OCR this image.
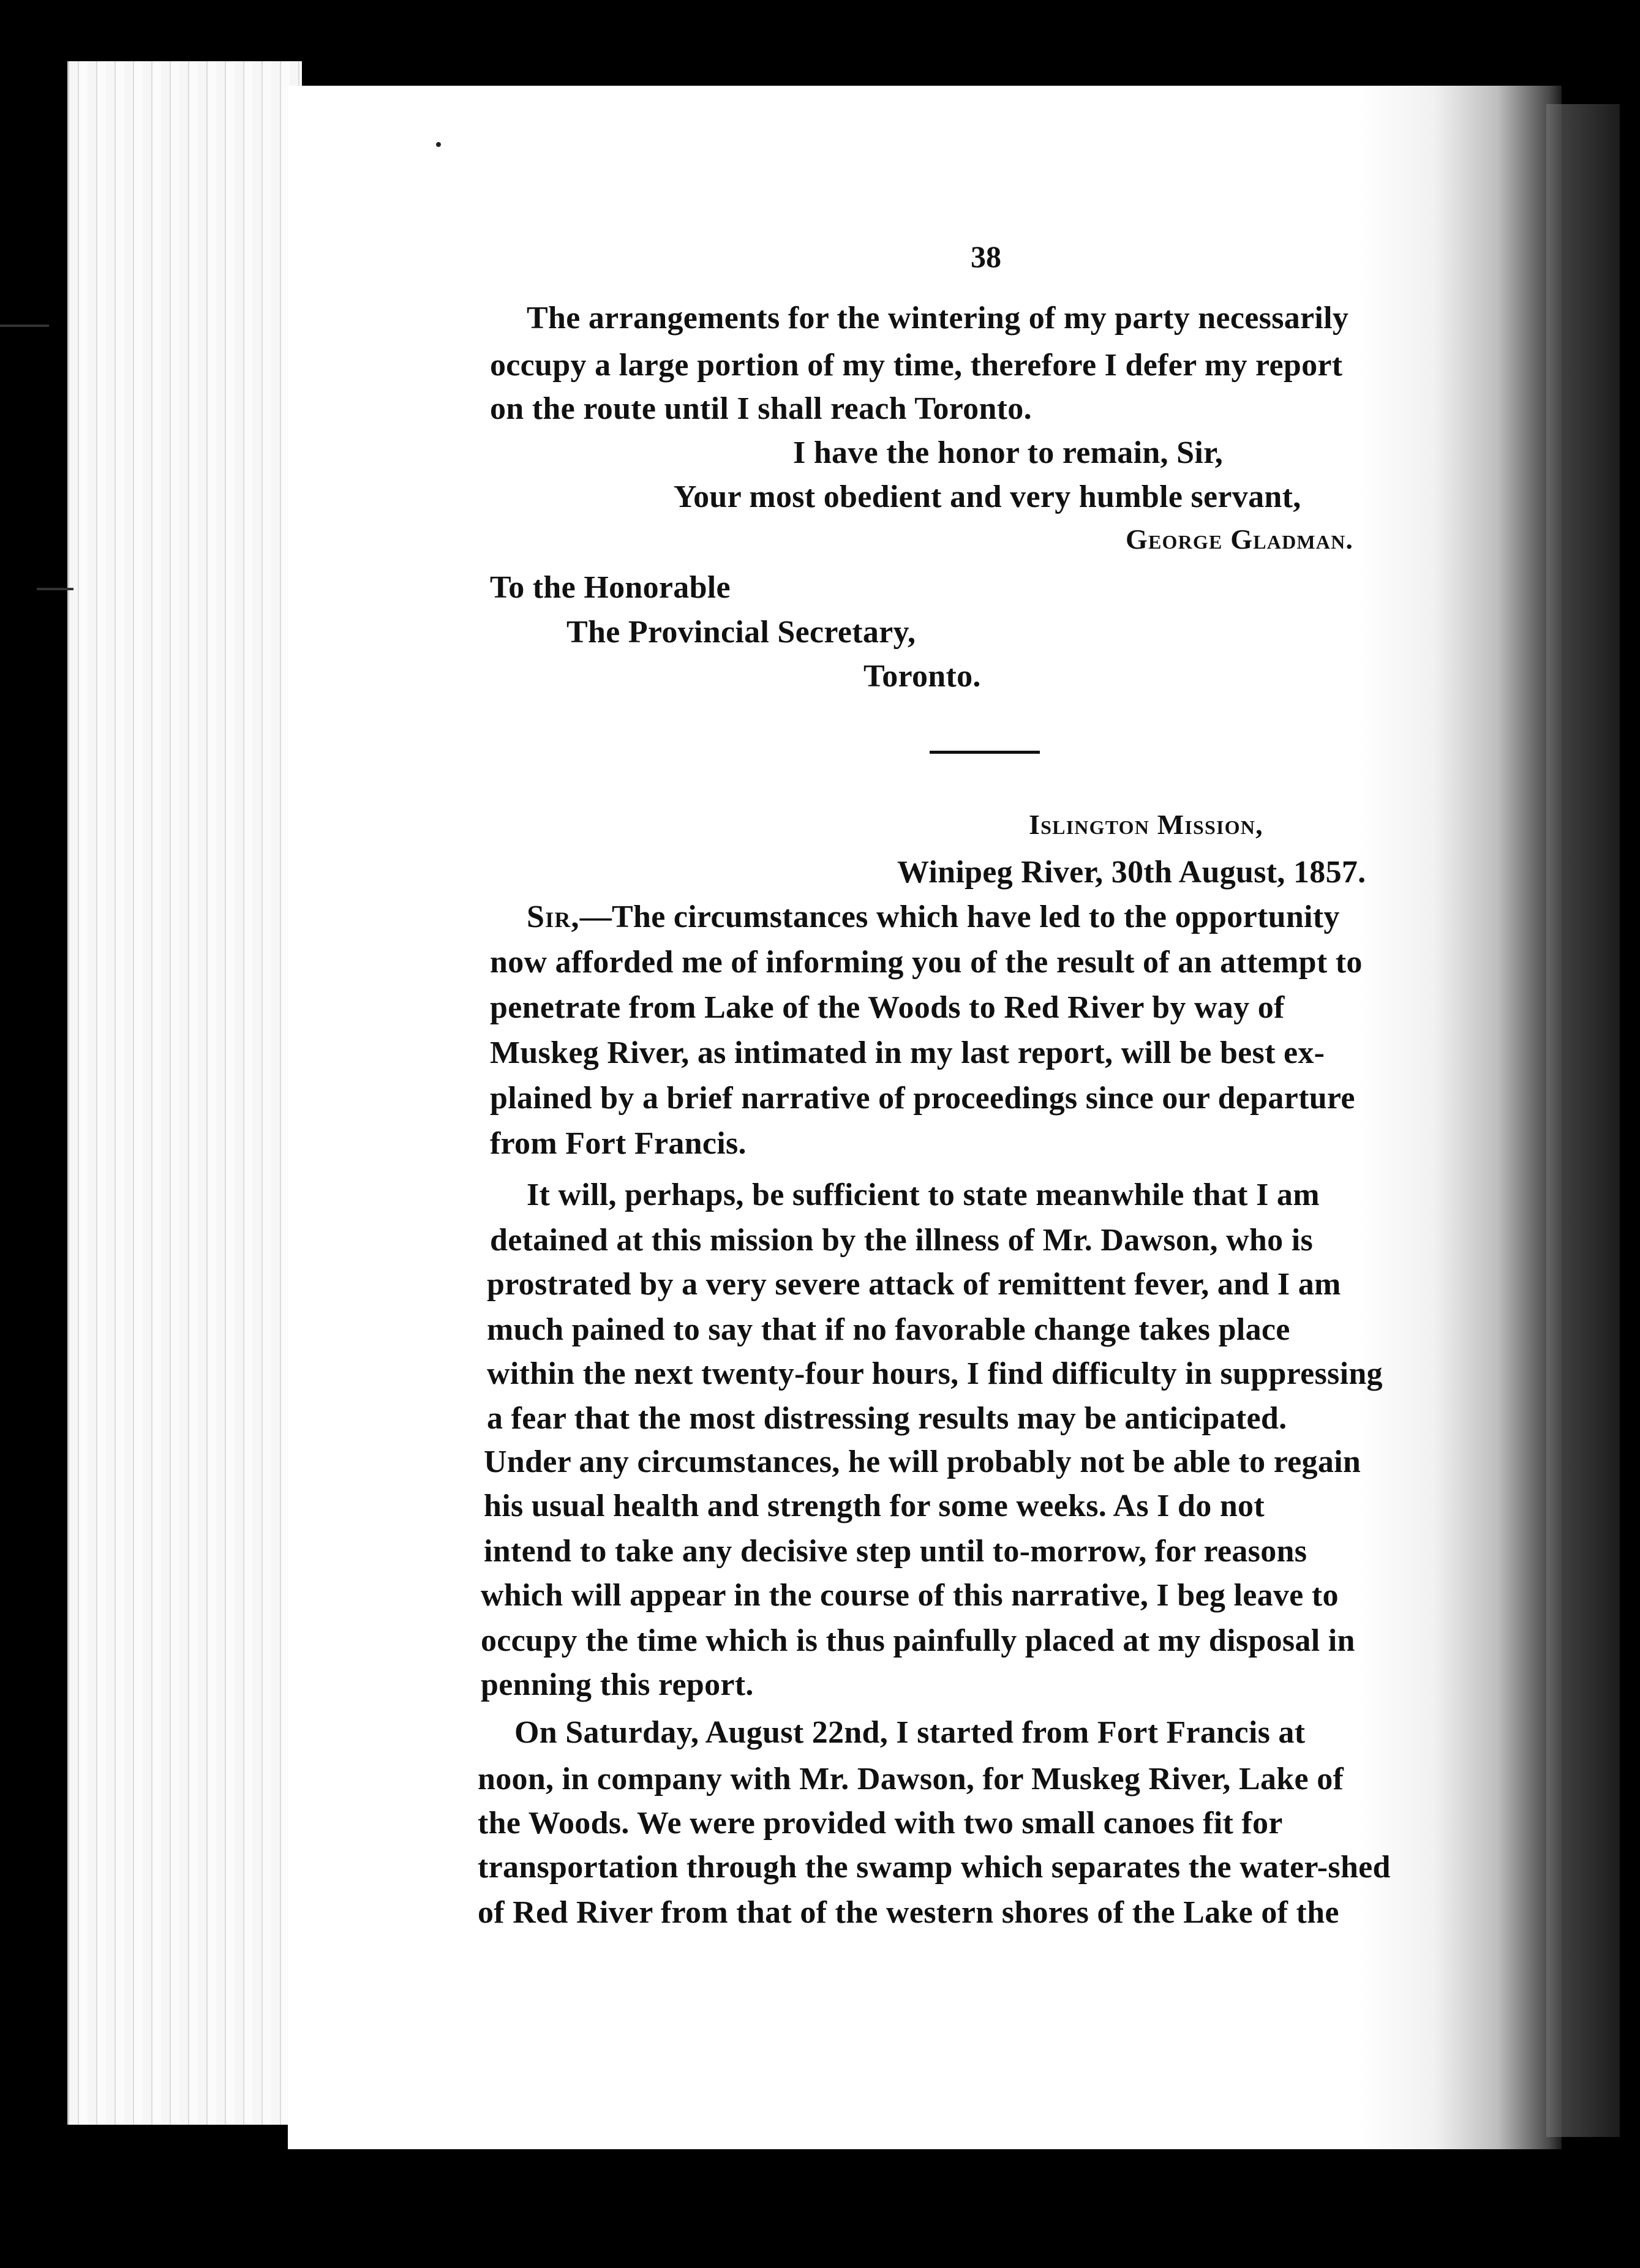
38
The arrangements for the wintering of my party necessarily
occupy a large portion of my time, therefore I defer my report
on the route until I shall reach Toronto.
I have the honor to remain, Sir,
Your most obedient and very humble servant,
George Gladman.
To the Honorable
The Provincial Secretary,
Toronto.
Islington Mission,
Winipeg River, 30th August, 1857.
Sir,—The circumstances which have led to the opportunity
now afforded me of informing you of the result of an attempt to
penetrate from Lake of the Woods to Red River by way of
Muskeg River, as intimated in my last report, will be best ex-
plained by a brief narrative of proceedings since our departure
from Fort Francis.
It will, perhaps, be sufficient to state meanwhile that I am
detained at this mission by the illness of Mr. Dawson, who is
prostrated by a very severe attack of remittent fever, and I am
much pained to say that if no favorable change takes place
within the next twenty-four hours, I find difficulty in suppressing
a fear that the most distressing results may be anticipated.
Under any circumstances, he will probably not be able to regain
his usual health and strength for some weeks. As I do not
intend to take any decisive step until to-morrow, for reasons
which will appear in the course of this narrative, I beg leave to
occupy the time which is thus painfully placed at my disposal in
penning this report.
On Saturday, August 22nd, I started from Fort Francis at
noon, in company with Mr. Dawson, for Muskeg River, Lake of
the Woods. We were provided with two small canoes fit for
transportation through the swamp which separates the water-shed
of Red River from that of the western shores of the Lake of the
